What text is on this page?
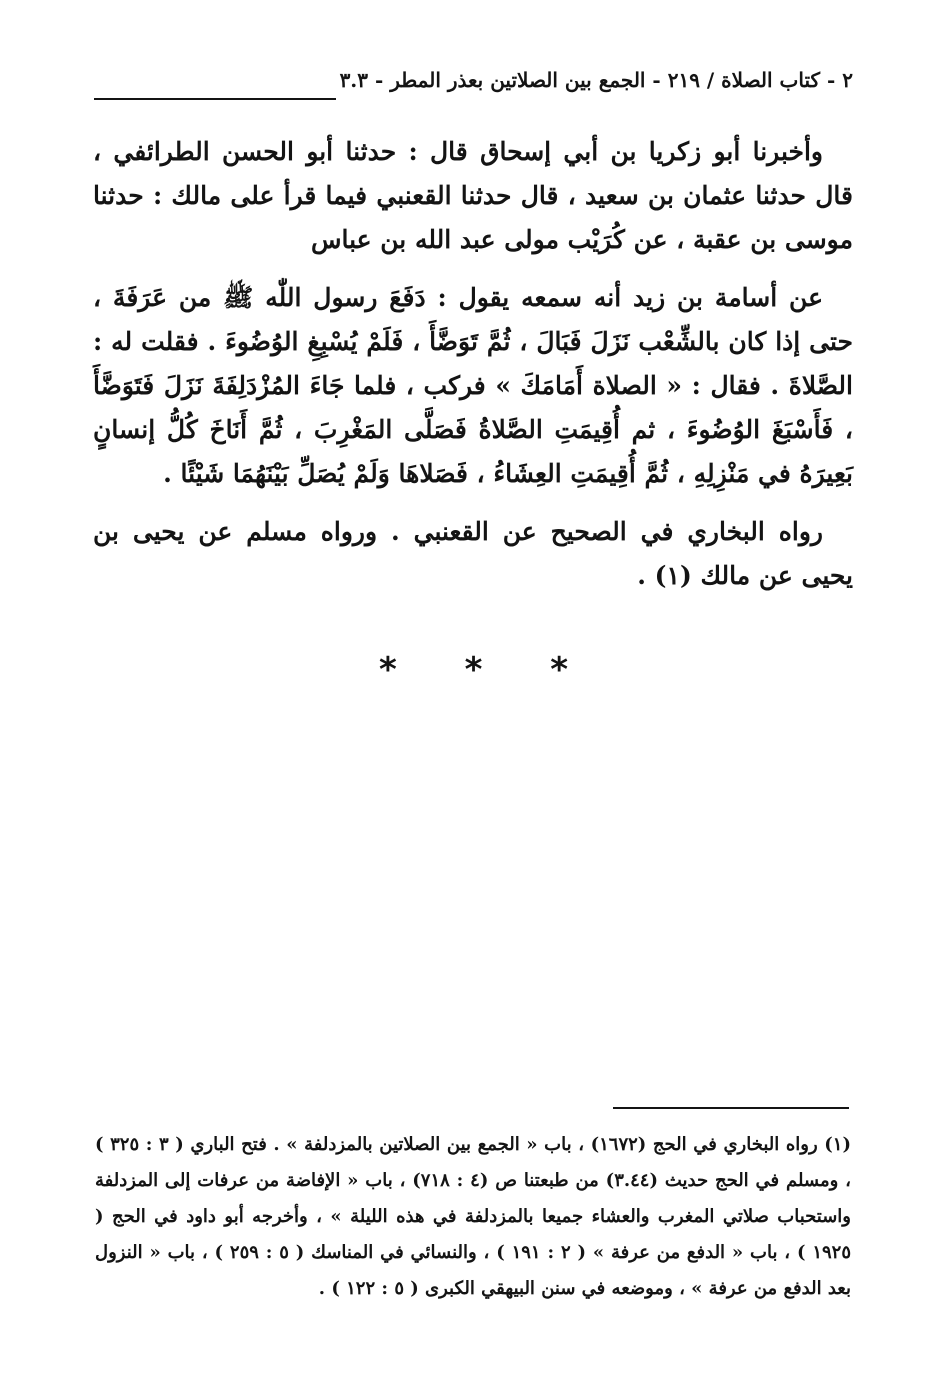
٢ - كتاب الصلاة / ٢١٩ - الجمع بين الصلاتين بعذر المطر - ٣.٣

وأخبرنا أبو زكريا بن أبي إسحاق قال : حدثنا أبو الحسن الطرائفي ، قال حدثنا عثمان بن سعيد ، قال حدثنا القعنبي فيما قرأ على مالك : حدثنا موسى بن عقبة ، عن كُرَيْب مولى عبد الله بن عباس

عن أسامة بن زيد أنه سمعه يقول : دَفَعَ رسول اللّٰه ﷺ من عَرَفَةَ ، حتى إذا كان بالشِّعْب نَزَلَ فَبَالَ ، ثُمَّ تَوَضَّأَ ، فَلَمْ يُسْبِغِ الوُضُوءَ . فقلت له : الصَّلاةَ . فقال : « الصلاة أَمَامَكَ » فركب ، فلما جَاءَ المُزْدَلِفَةَ نَزَلَ فَتَوَضَّأَ ، فَأَسْبَغَ الوُضُوءَ ، ثم أُقِيمَتِ الصَّلاةُ فَصَلَّى المَغْرِبَ ، ثُمَّ أَنَاخَ كُلُّ إنسانٍ بَعِيرَهُ في مَنْزِلِهِ ، ثُمَّ أُقِيمَتِ العِشَاءُ ، فَصَلاهَا وَلَمْ يُصَلِّ بَيْنَهُمَا شَيْئًا .

رواه البخاري في الصحيح عن القعنبي . ورواه مسلم عن يحيى بن يحيى عن مالك (١) .

* * *

(١) رواه البخاري في الحج (١٦٧٢) ، باب « الجمع بين الصلاتين بالمزدلفة » . فتح الباري ( ٣ : ٣٢٥ ) ، ومسلم في الحج حديث (٣.٤٤) من طبعتنا ص (٤ : ٧١٨) ، باب « الإفاضة من عرفات إلى المزدلفة واستحباب صلاتي المغرب والعشاء جميعا بالمزدلفة في هذه الليلة » ، وأخرجه أبو داود في الحج ( ١٩٢٥ ) ، باب « الدفع من عرفة » ( ٢ : ١٩١ ) ، والنسائي في المناسك ( ٥ : ٢٥٩ ) ، باب « النزول بعد الدفع من عرفة » ، وموضعه في سنن البيهقي الكبرى ( ٥ : ١٢٢ ) .
